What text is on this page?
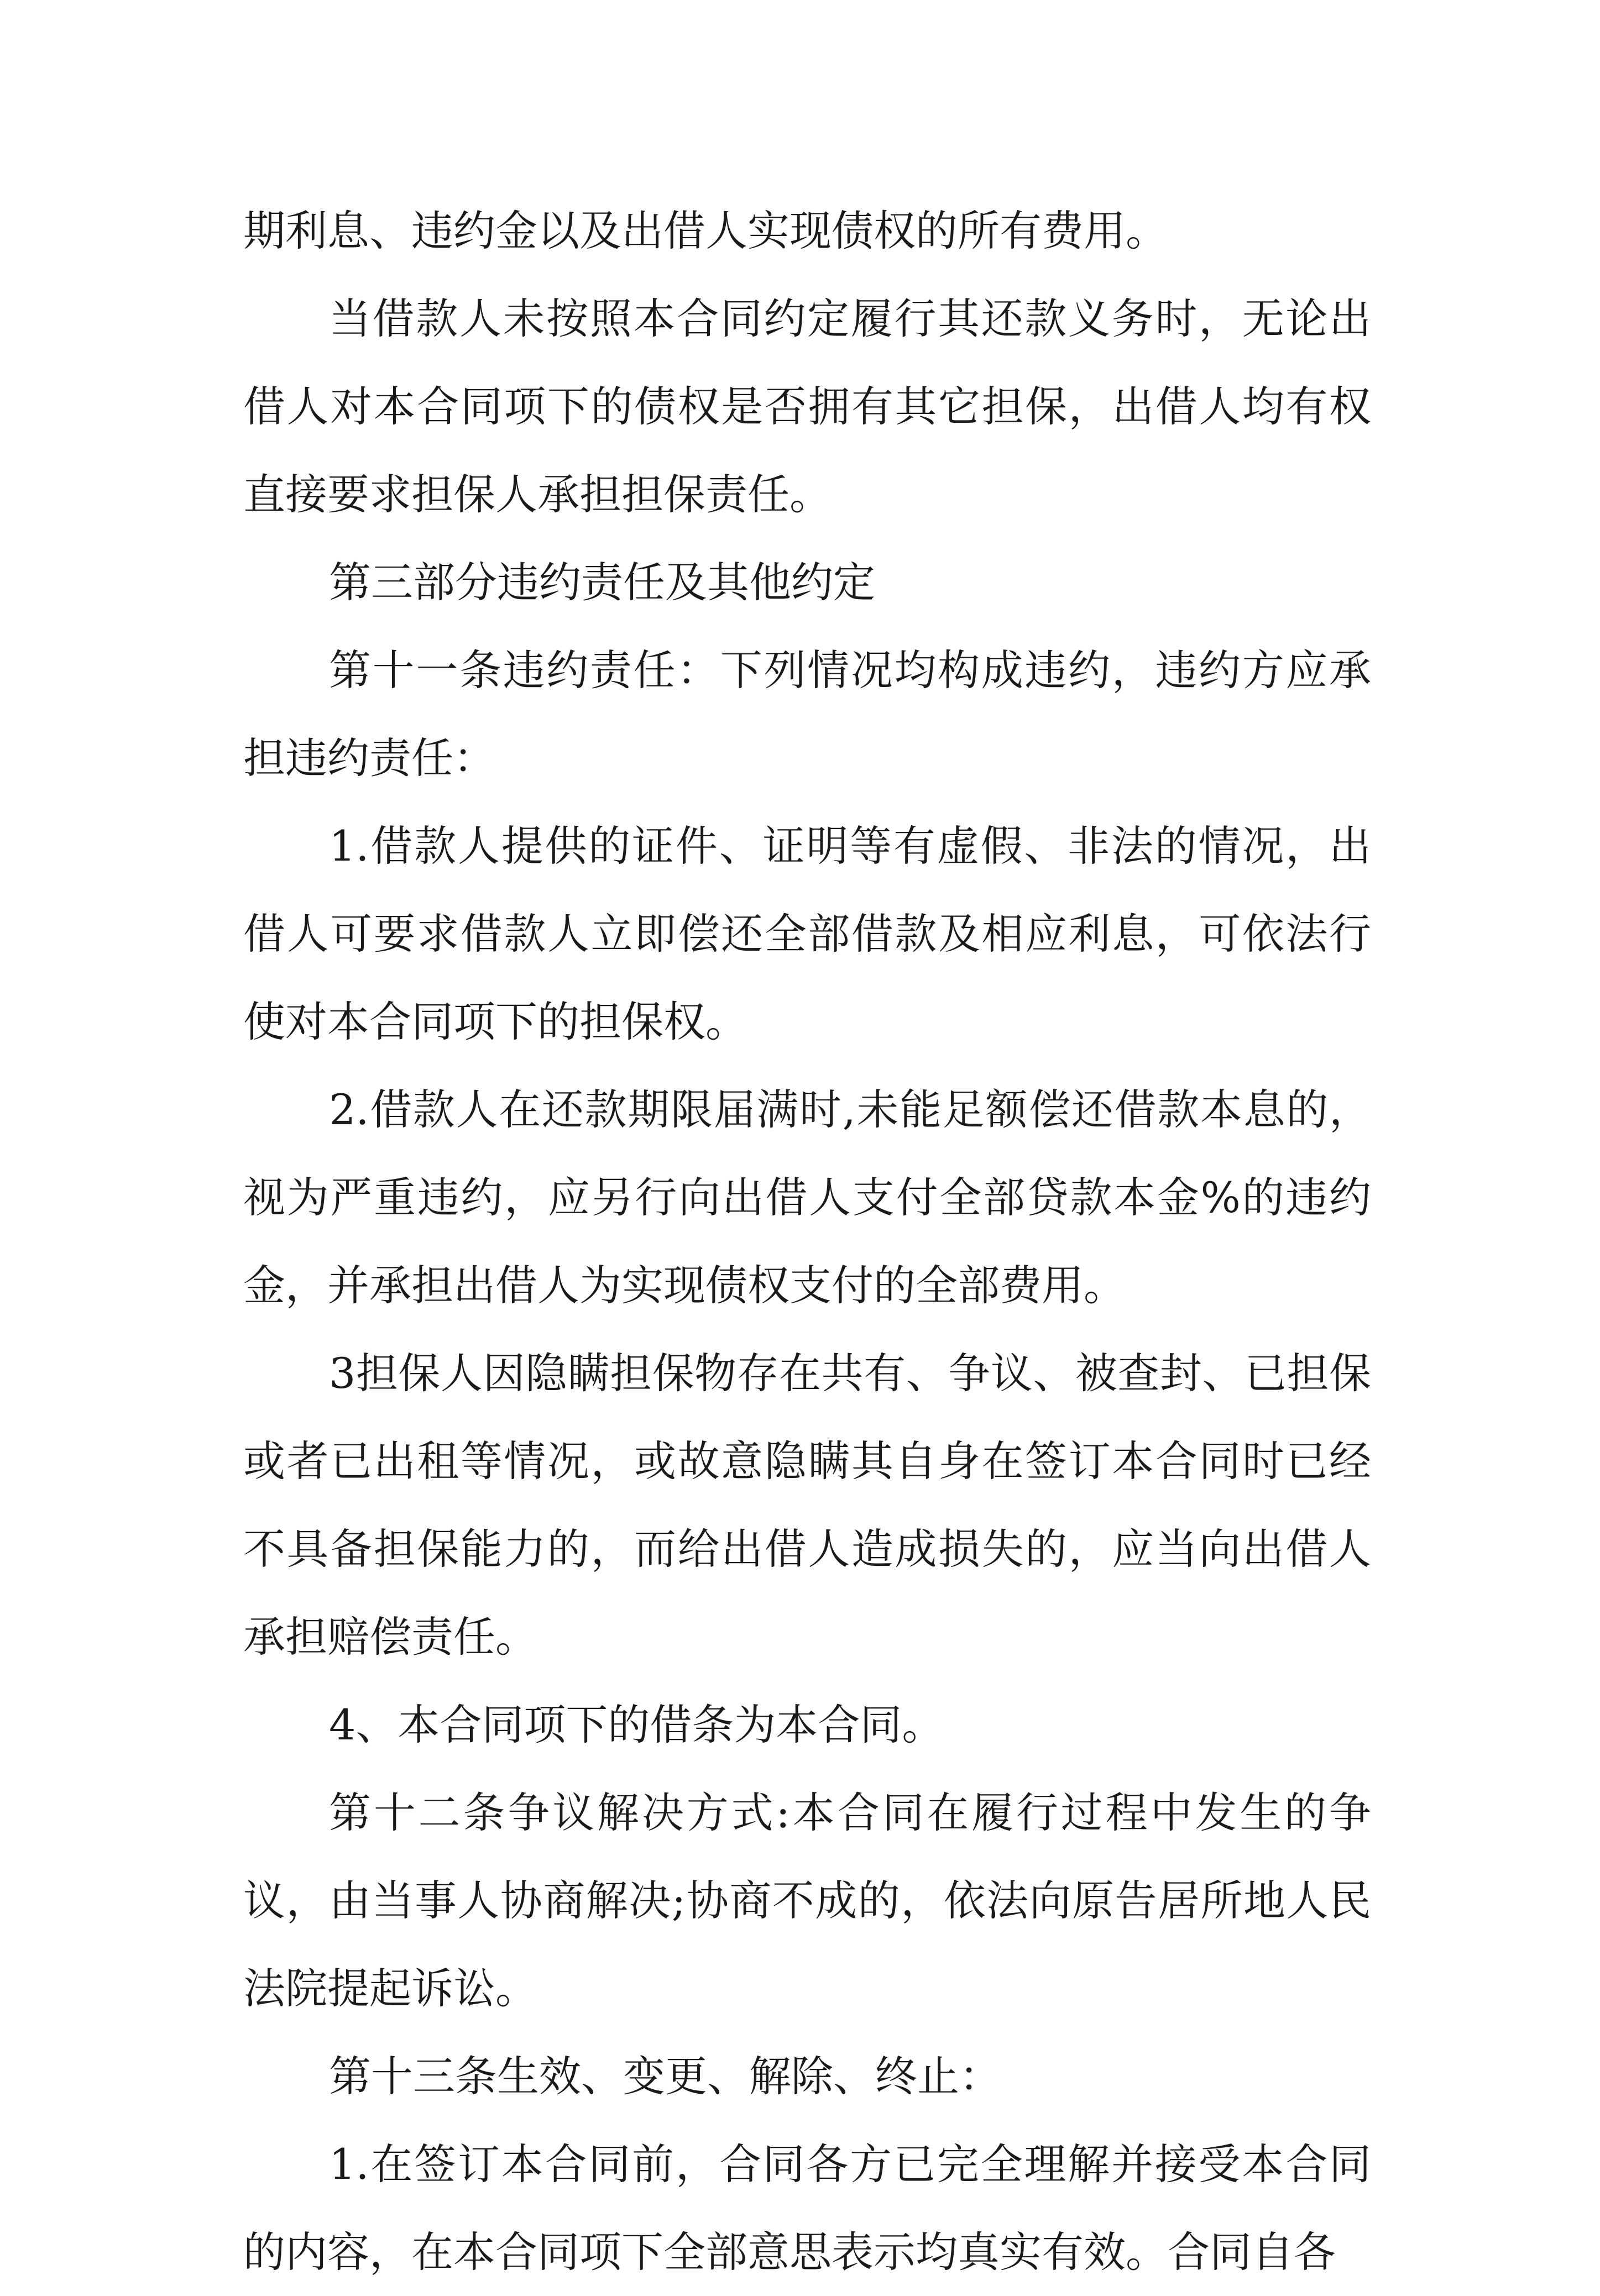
期利息、违约金以及出借人实现债权的所有费用。

当借款人未按照本合同约定履行其还款义务时，无论出借人对本合同项下的债权是否拥有其它担保，出借人均有权直接要求担保人承担担保责任。

第三部分违约责任及其他约定

第十一条违约责任：下列情况均构成违约，违约方应承担违约责任：

1.借款人提供的证件、证明等有虚假、非法的情况，出借人可要求借款人立即偿还全部借款及相应利息，可依法行使对本合同项下的担保权。

2.借款人在还款期限届满时,未能足额偿还借款本息的，视为严重违约，应另行向出借人支付全部贷款本金%的违约金，并承担出借人为实现债权支付的全部费用。

3担保人因隐瞒担保物存在共有、争议、被查封、已担保或者已出租等情况，或故意隐瞒其自身在签订本合同时已经不具备担保能力的，而给出借人造成损失的，应当向出借人承担赔偿责任。

4、本合同项下的借条为本合同。

第十二条争议解决方式:本合同在履行过程中发生的争议，由当事人协商解决;协商不成的，依法向原告居所地人民法院提起诉讼。

第十三条生效、变更、解除、终止：

1.在签订本合同前，合同各方已完全理解并接受本合同的内容，在本合同项下全部意思表示均真实有效。合同自各
